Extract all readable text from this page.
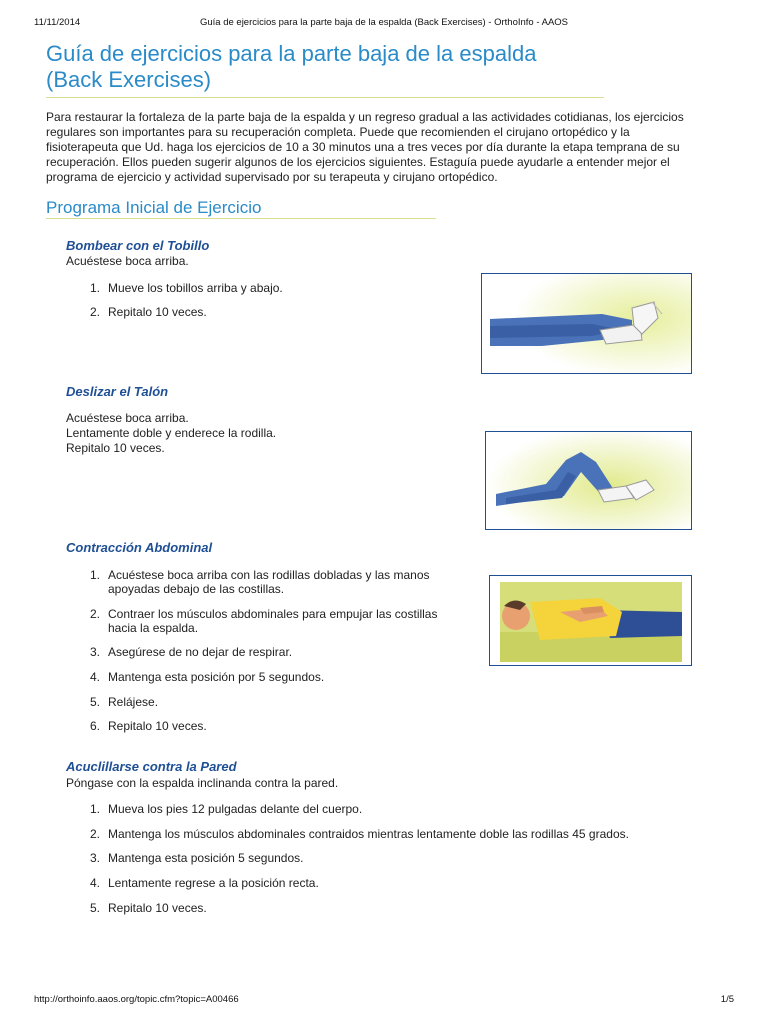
11/11/2014	Guía de ejercicios para la parte baja de la espalda (Back Exercises) - OrthoInfo - AAOS
Guía de ejercicios para la parte baja de la espalda
(Back Exercises)
Para restaurar la fortaleza de la parte baja de la espalda y un regreso gradual a las actividades cotidianas, los ejercicios
regulares son importantes para su recuperación completa. Puede que recomienden el cirujano ortopédico y la
fisioterapeuta que Ud. haga los ejercicios de 10 a 30 minutos una a tres veces por día durante la etapa temprana de su
recuperación. Ellos pueden sugerir algunos de los ejercicios siguientes. Estaguía puede ayudarle a entender mejor el
programa de ejercicio y actividad supervisado por su terapeuta y cirujano ortopédico.
Programa Inicial de Ejercicio
Bombear con el Tobillo
Acuéstese boca arriba.
1. Mueve los tobillos arriba y abajo.
2. Repitalo 10 veces.
Deslizar el Talón
Acuéstese boca arriba.
Lentamente doble y enderece la rodilla.
Repitalo 10 veces.
Contracción Abdominal
1. Acuéstese boca arriba con las rodillas dobladas y las manos
apoyadas debajo de las costillas.
2. Contraer los músculos abdominales para empujar las costillas
hacia la espalda.
3. Asegúrese de no dejar de respirar.
4. Mantenga esta posición por 5 segundos.
5. Relájese.
6. Repitalo 10 veces.
Acuclillarse contra la Pared
Póngase con la espalda inclinanda contra la pared.
1. Mueva los pies 12 pulgadas delante del cuerpo.
2. Mantenga los músculos abdominales contraidos mientras lentamente doble las rodillas 45 grados.
3. Mantenga esta posición 5 segundos.
4. Lentamente regrese a la posición recta.
5. Repitalo 10 veces.
http://orthoinfo.aaos.org/topic.cfm?topic=A00466	1/5
